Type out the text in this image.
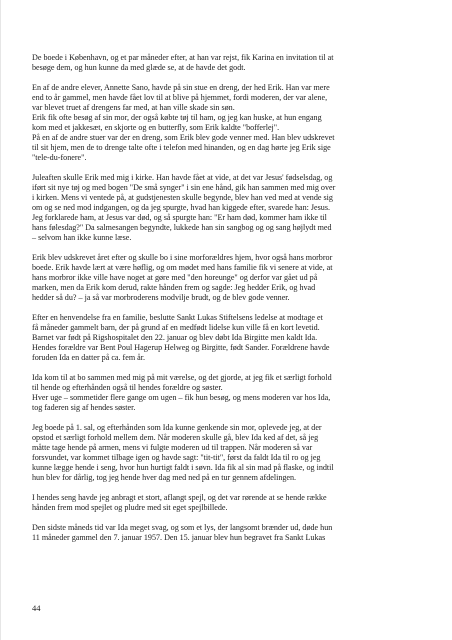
De boede i København, og et par måneder efter, at han var rejst, fik Karina en invitation til at
besøge dem, og hun kunne da med glæde se, at de havde det godt.
En af de andre elever, Annette Sano, havde på sin stue en dreng, der hed Erik. Han var mere
end to år gammel, men havde fået lov til at blive på hjemmet, fordi moderen, der var alene,
var blevet truet af drengens far med, at han ville skade sin søn.
Erik fik ofte besøg af sin mor, der også købte tøj til ham, og jeg kan huske, at hun engang
kom med et jakkesæt, en skjorte og en butterfly, som Erik kaldte "bofferlej".
På en af de andre stuer var der en dreng, som Erik blev gode venner med. Han blev udskrevet
til sit hjem, men de to drenge talte ofte i telefon med hinanden, og en dag hørte jeg Erik sige
"tele-du-fonere".
Juleaften skulle Erik med mig i kirke. Han havde fået at vide, at det var Jesus' fødselsdag, og
iført sit nye tøj og med bogen "De små synger" i sin ene hånd, gik han sammen med mig over
i kirken. Mens vi ventede på, at gudstjenesten skulle begynde, blev han ved med at vende sig
om og se ned mod indgangen, og da jeg spurgte, hvad han kiggede efter, svarede han: Jesus.
Jeg forklarede ham, at Jesus var død, og så spurgte han: "Er ham død, kommer ham ikke til
hans følesdag?" Da salmesangen begyndte, lukkede han sin sangbog og og sang højlydt med
– selvom han ikke kunne læse.
Erik blev udskrevet året efter og skulle bo i sine morforældres hjem, hvor også hans morbror
boede. Erik havde lært at være høflig, og om mødet med hans familie fik vi senere at vide, at
hans morbror ikke ville have noget at gøre med "den horeunge" og derfor var gået ud på
marken, men da Erik kom derud, rakte hånden frem og sagde: Jeg hedder Erik, og hvad
hedder så du? – ja så var morbroderens modvilje brudt, og de blev gode venner.
Efter en henvendelse fra en familie, beslutte Sankt Lukas Stiftelsens ledelse at modtage et
få måneder gammelt barn, der på grund af en medfødt lidelse kun ville få en kort levetid.
Barnet var født på Rigshospitalet den 22. januar og blev døbt Ida Birgitte men kaldt Ida.
Hendes forældre var Bent Poul Hagerup Helweg og Birgitte, født Sander. Forældrene havde
foruden Ida en datter på ca. fem år.
Ida kom til at bo sammen med mig på mit værelse, og det gjorde, at jeg fik et særligt forhold
til hende og efterhånden også til hendes forældre og søster.
Hver uge – sommetider flere gange om ugen – fik hun besøg, og mens moderen var hos Ida,
tog faderen sig af hendes søster.
Jeg boede på 1. sal, og efterhånden som Ida kunne genkende sin mor, oplevede jeg, at der
opstod et særligt forhold mellem dem. Når moderen skulle gå, blev Ida ked af det, så jeg
måtte tage hende på armen, mens vi fulgte moderen ud til trappen. Når moderen så var
forsvundet, var kommet tilbage igen og havde sagt: "tit-tit", først da faldt Ida til ro og jeg
kunne lægge hende i seng, hvor hun hurtigt faldt i søvn. Ida fik al sin mad på flaske, og indtil
hun blev for dårlig, tog jeg hende hver dag med ned på en tur gennem afdelingen.
I hendes seng havde jeg anbragt et stort, aflangt spejl, og det var rørende at se hende række
hånden frem mod spejlet og pludre med sit eget spejlbillede.
Den sidste måneds tid var Ida meget svag, og som et lys, der langsomt brænder ud, døde hun
11 måneder gammel den 7. januar 1957. Den 15. januar blev hun begravet fra Sankt Lukas
44
